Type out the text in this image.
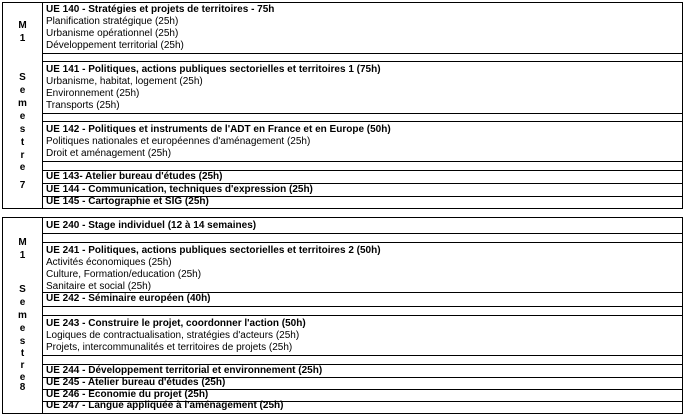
M
1
S
e
m
e
s
t
r
e
7
UE 140 - Stratégies et projets de territoires - 75h
Planification stratégique (25h)
Urbanisme opérationnel (25h)
Développement territorial (25h)
UE 141 - Politiques, actions publiques sectorielles et territoires 1 (75h)
Urbanisme, habitat, logement (25h)
Environnement (25h)
Transports (25h)
UE 142 - Politiques et instruments de l'ADT en France et en Europe (50h)
Politiques nationales et européennes d'aménagement (25h)
Droit et aménagement (25h)
UE 143- Atelier bureau d'études (25h)
UE 144 - Communication, techniques d'expression (25h)
UE 145 - Cartographie et SIG (25h)
M
1
S
e
m
e
s
t
r
e
8
UE 240 - Stage individuel (12 à 14 semaines)
UE 241 - Politiques, actions publiques sectorielles et territoires 2 (50h)
Activités économiques (25h)
Culture, Formation/education (25h)
Sanitaire et social (25h)
UE 242 - Séminaire européen (40h)
UE 243 - Construire le projet, coordonner l'action (50h)
Logiques de contractualisation, stratégies d'acteurs (25h)
Projets, intercommunalités et territoires de projets (25h)
UE 244 - Développement territorial et environnement (25h)
UE 245 - Atelier bureau d'études (25h)
UE 246 - Economie du projet (25h)
UE 247 - Langue appliquée à l'aménagement (25h)
